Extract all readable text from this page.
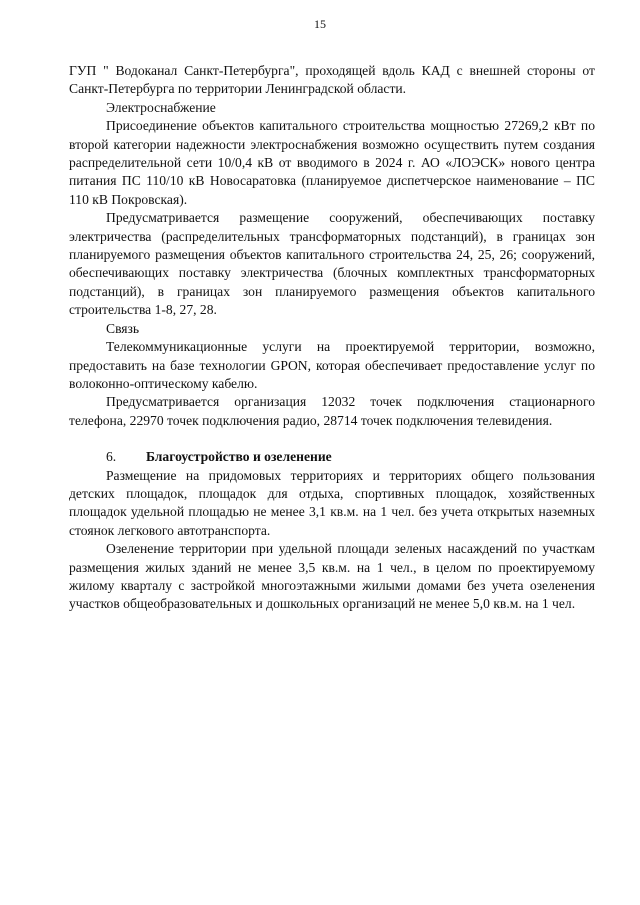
15

ГУП " Водоканал Санкт-Петербурга", проходящей вдоль КАД с внешней стороны от Санкт-Петербурга по территории Ленинградской области.

Электроснабжение

Присоединение объектов капитального строительства мощностью 27269,2 кВт по второй категории надежности электроснабжения возможно осуществить путем создания распределительной сети 10/0,4 кВ от вводимого в 2024 г. АО «ЛОЭСК» нового центра питания ПС 110/10 кВ Новосаратовка (планируемое диспетчерское наименование – ПС 110 кВ Покровская).

Предусматривается размещение сооружений, обеспечивающих поставку электричества (распределительных трансформаторных подстанций), в границах зон планируемого размещения объектов капитального строительства 24, 25, 26; сооружений, обеспечивающих поставку электричества (блочных комплектных трансформаторных подстанций), в границах зон планируемого размещения объектов капитального строительства 1-8, 27, 28.

Связь

Телекоммуникационные услуги на проектируемой территории, возможно, предоставить на базе технологии GPON, которая обеспечивает предоставление услуг по волоконно-оптическому кабелю.

Предусматривается организация 12032 точек подключения стационарного телефона, 22970 точек подключения радио, 28714 точек подключения телевидения.

6. Благоустройство и озеленение

Размещение на придомовых территориях и территориях общего пользования детских площадок, площадок для отдыха, спортивных площадок, хозяйственных площадок удельной площадью не менее 3,1 кв.м. на 1 чел. без учета открытых наземных стоянок легкового автотранспорта.

Озеленение территории при удельной площади зеленых насаждений по участкам размещения жилых зданий не менее 3,5 кв.м. на 1 чел., в целом по проектируемому жилому кварталу с застройкой многоэтажными жилыми домами без учета озеленения участков общеобразовательных и дошкольных организаций не менее 5,0 кв.м. на 1 чел.
